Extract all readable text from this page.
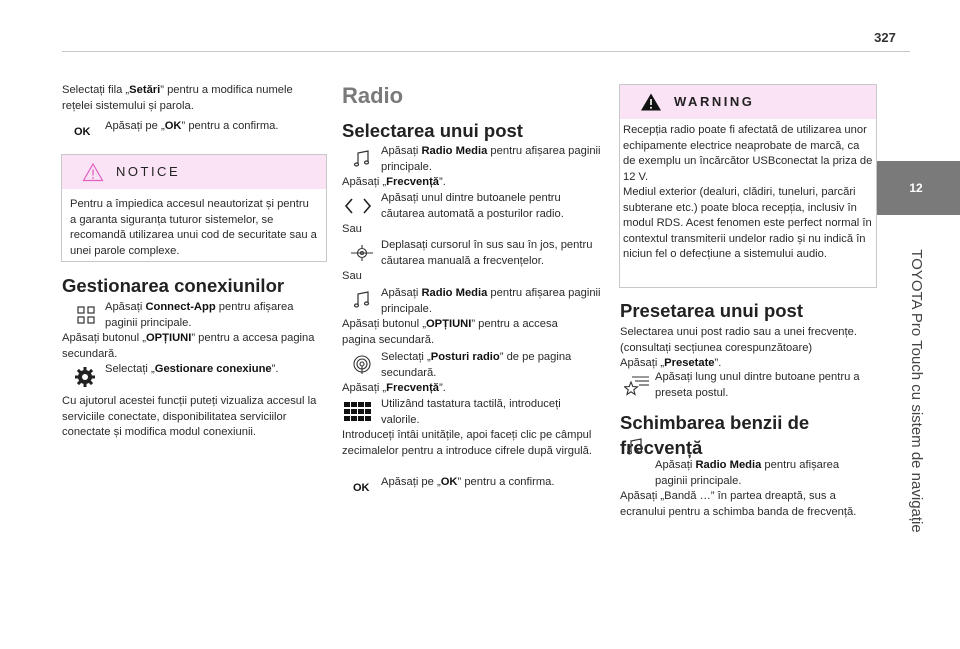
327
12
TOYOTA Pro Touch cu sistem de navigație

Selectați fila „Setări” pentru a modifica numele rețelei sistemului și parola.

OK Apăsați pe „OK” pentru a confirma.

NOTICE

Pentru a împiedica accesul neautorizat și pentru a garanta siguranța tuturor sistemelor, se recomandă utilizarea unui cod de securitate sau a unei parole complexe.

Gestionarea conexiunilor

Apăsați Connect-App pentru afișarea paginii principale.

Apăsați butonul „OPȚIUNI” pentru a accesa pagina secundară.

Selectați „Gestionare conexiune”.

Cu ajutorul acestei funcții puteți vizualiza accesul la serviciile conectate, disponibilitatea serviciilor conectate și modifica modul conexiunii.

Radio
Selectarea unui post

Apăsați Radio Media pentru afișarea paginii principale.

Apăsați „Frecvență”.

Apăsați unul dintre butoanele pentru căutarea automată a posturilor radio.

Sau

Deplasați cursorul în sus sau în jos, pentru căutarea manuală a frecvențelor.

Sau

Apăsați Radio Media pentru afișarea paginii principale.

Apăsați butonul „OPȚIUNI” pentru a accesa pagina secundară.

Selectați „Posturi radio” de pe pagina secundară.

Apăsați „Frecvență”.

Utilizând tastatura tactilă, introduceți valorile.

Introduceți întâi unitățile, apoi faceți clic pe câmpul zecimalelor pentru a introduce cifrele după virgulă.

OK Apăsați pe „OK” pentru a confirma.

WARNING

Recepția radio poate fi afectată de utilizarea unor echipamente electrice neaprobate de marcă, ca de exemplu un încărcător USBconectat la priza de 12 V.
Mediul exterior (dealuri, clădiri, tuneluri, parcări subterane etc.) poate bloca recepția, inclusiv în modul RDS. Acest fenomen este perfect normal în contextul transmiterii undelor radio și nu indică în niciun fel o defecțiune a sistemului audio.

Presetarea unui post

Selectarea unui post radio sau a unei frecvențe. (consultați secțiunea corespunzătoare)

Apăsați „Presetate”.

Apăsați lung unul dintre butoane pentru a preseta postul.

Schimbarea benzii de frecvență

Apăsați Radio Media pentru afișarea paginii principale.

Apăsați „Bandă …” în partea dreaptă, sus a ecranului pentru a schimba banda de frecvență.
